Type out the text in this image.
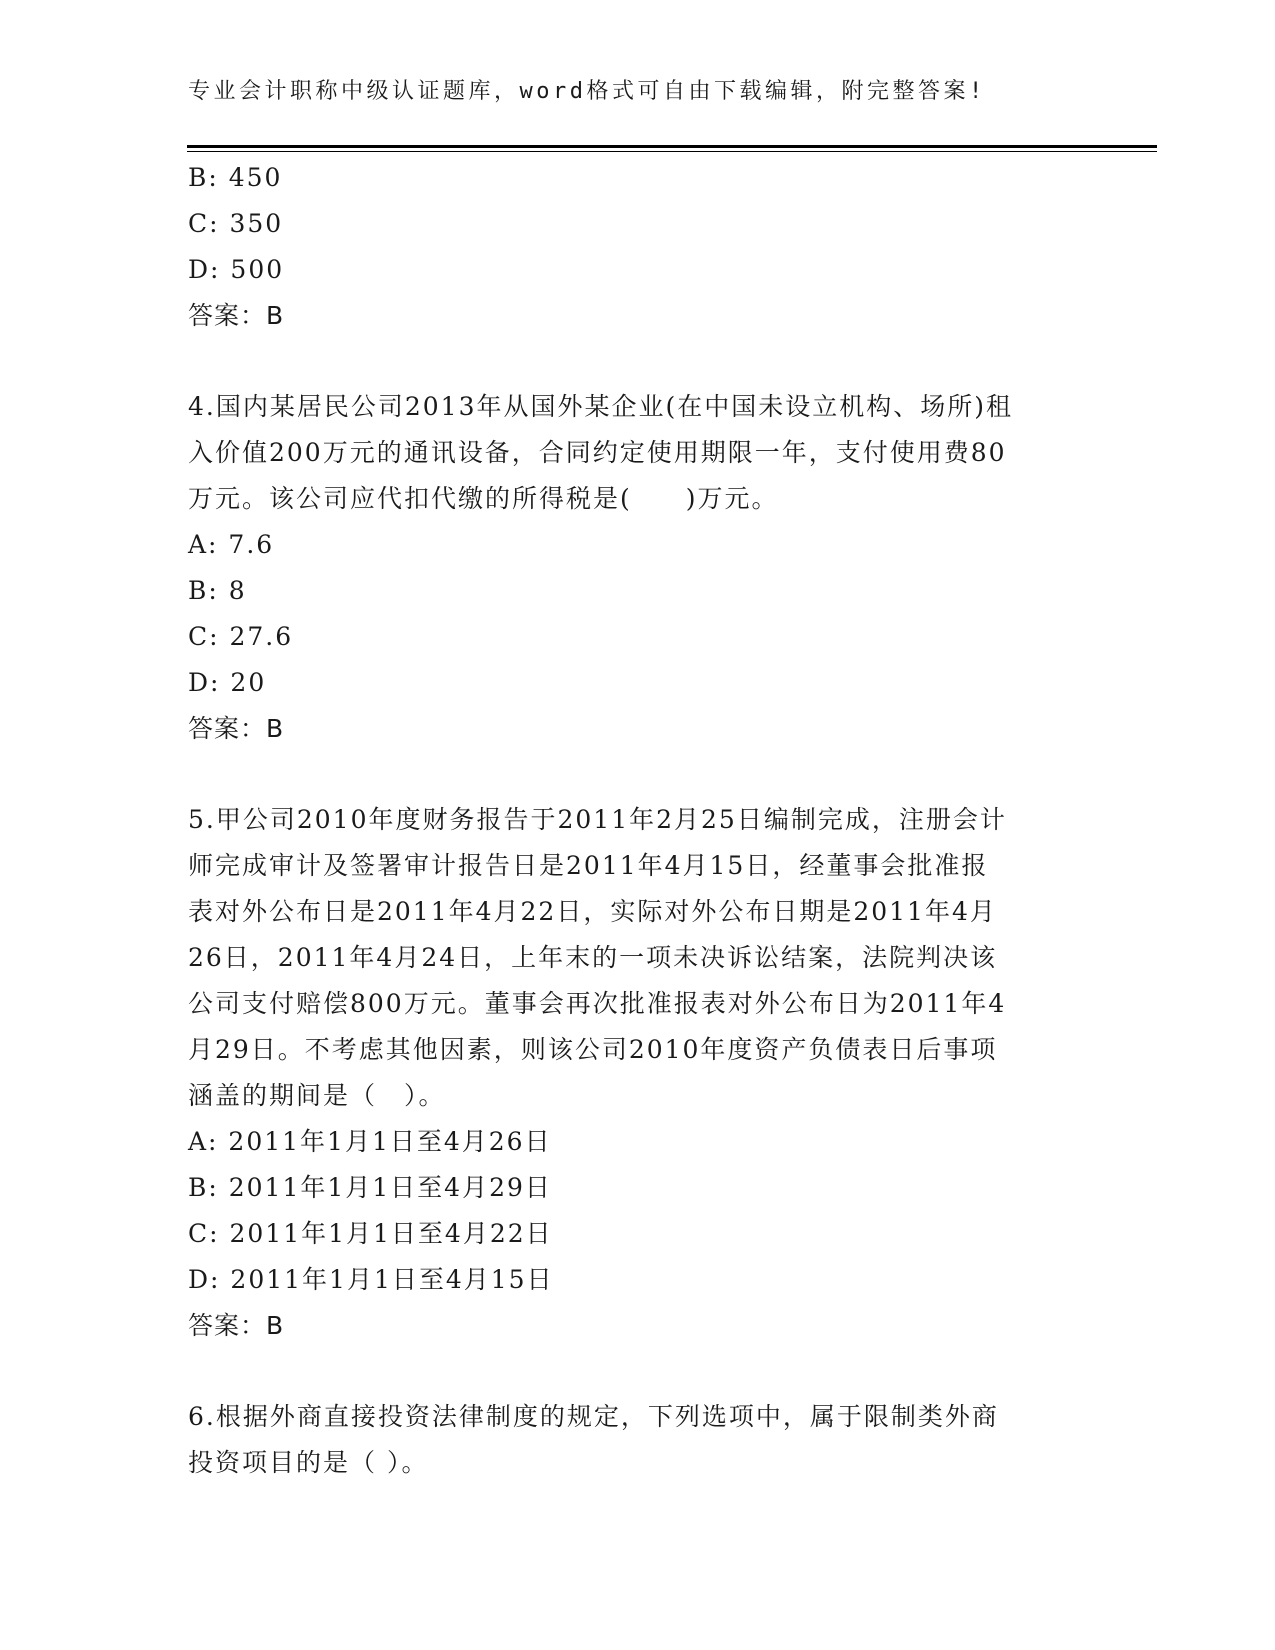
专业会计职称中级认证题库，word格式可自由下载编辑，附完整答案!
B: 450
C: 350
D: 500
答案：B
4.国内某居民公司2013年从国外某企业(在中国未设立机构、场所)租
入价值200万元的通讯设备，合同约定使用期限一年，支付使用费80
万元。该公司应代扣代缴的所得税是(　　)万元。
A: 7.6
B: 8
C: 27.6
D: 20
答案：B
5.甲公司2010年度财务报告于2011年2月25日编制完成，注册会计
师完成审计及签署审计报告日是2011年4月15日，经董事会批准报
表对外公布日是2011年4月22日，实际对外公布日期是2011年4月
26日，2011年4月24日，上年末的一项未决诉讼结案，法院判决该
公司支付赔偿800万元。董事会再次批准报表对外公布日为2011年4
月29日。不考虑其他因素，则该公司2010年度资产负债表日后事项
涵盖的期间是（　）。
A: 2011年1月1日至4月26日
B: 2011年1月1日至4月29日
C: 2011年1月1日至4月22日
D: 2011年1月1日至4月15日
答案：B
6.根据外商直接投资法律制度的规定，下列选项中，属于限制类外商
投资项目的是（ ）。
